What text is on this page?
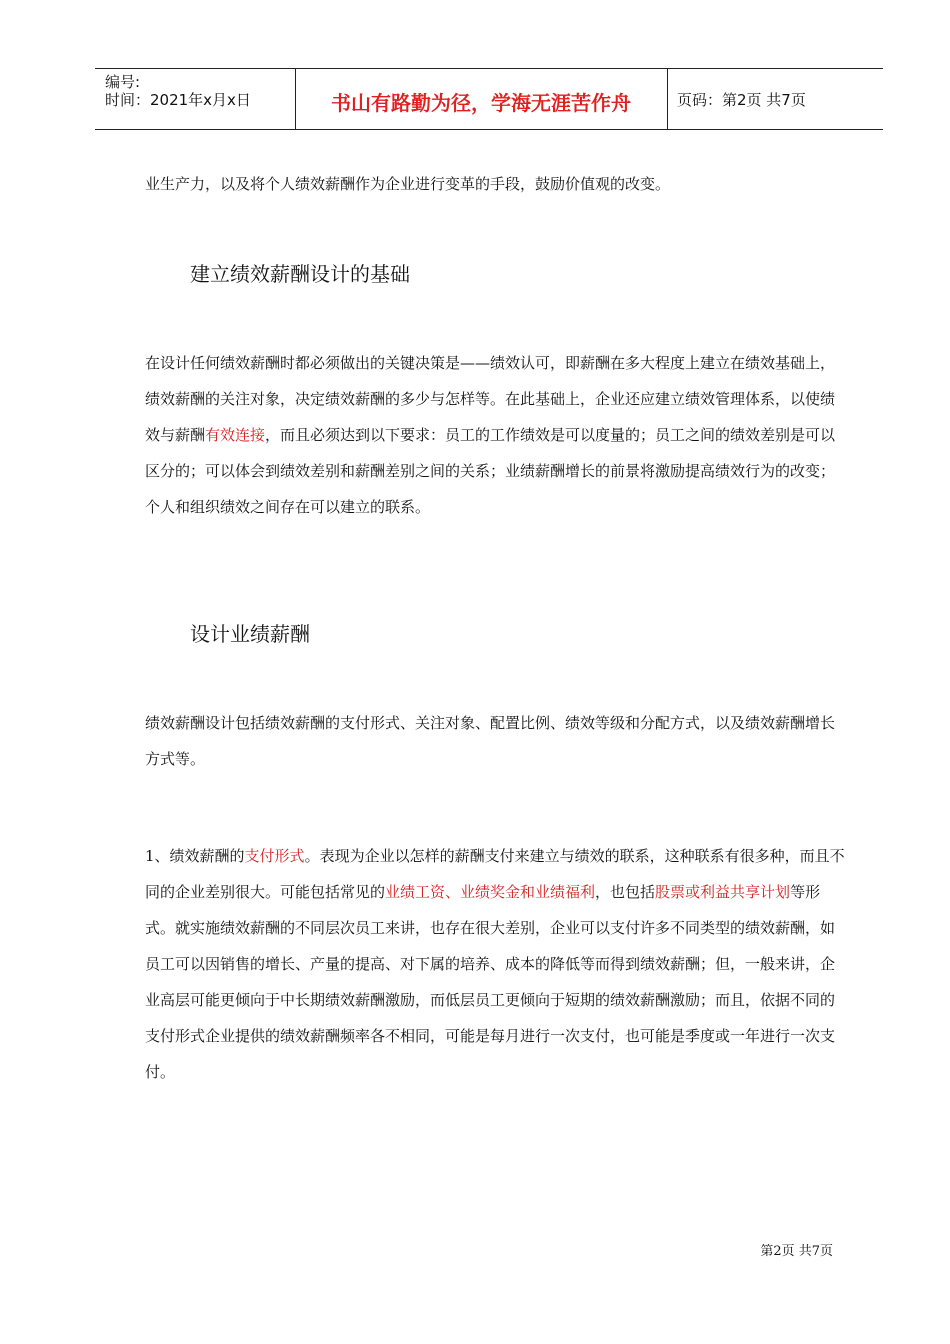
编号:
时间：2021年x月x日	书山有路勤为径，学海无涯苦作舟	页码：第2页 共7页
业生产力，以及将个人绩效薪酬作为企业进行变革的手段，鼓励价值观的改变。
建立绩效薪酬设计的基础
在设计任何绩效薪酬时都必须做出的关键决策是——绩效认可，即薪酬在多大程度上建立在绩效基础上，绩效薪酬的关注对象，决定绩效薪酬的多少与怎样等。在此基础上，企业还应建立绩效管理体系，以使绩效与薪酬有效连接，而且必须达到以下要求：员工的工作绩效是可以度量的；员工之间的绩效差别是可以区分的；可以体会到绩效差别和薪酬差别之间的关系；业绩薪酬增长的前景将激励提高绩效行为的改变；个人和组织绩效之间存在可以建立的联系。
设计业绩薪酬
绩效薪酬设计包括绩效薪酬的支付形式、关注对象、配置比例、绩效等级和分配方式，以及绩效薪酬增长方式等。
1、绩效薪酬的支付形式。表现为企业以怎样的薪酬支付来建立与绩效的联系，这种联系有很多种，而且不同的企业差别很大。可能包括常见的业绩工资、业绩奖金和业绩福利，也包括股票或利益共享计划等形式。就实施绩效薪酬的不同层次员工来讲，也存在很大差别，企业可以支付许多不同类型的绩效薪酬，如员工可以因销售的增长、产量的提高、对下属的培养、成本的降低等而得到绩效薪酬；但，一般来讲，企业高层可能更倾向于中长期绩效薪酬激励，而低层员工更倾向于短期的绩效薪酬激励；而且，依据不同的支付形式企业提供的绩效薪酬频率各不相同，可能是每月进行一次支付，也可能是季度或一年进行一次支付。
第2页 共7页
